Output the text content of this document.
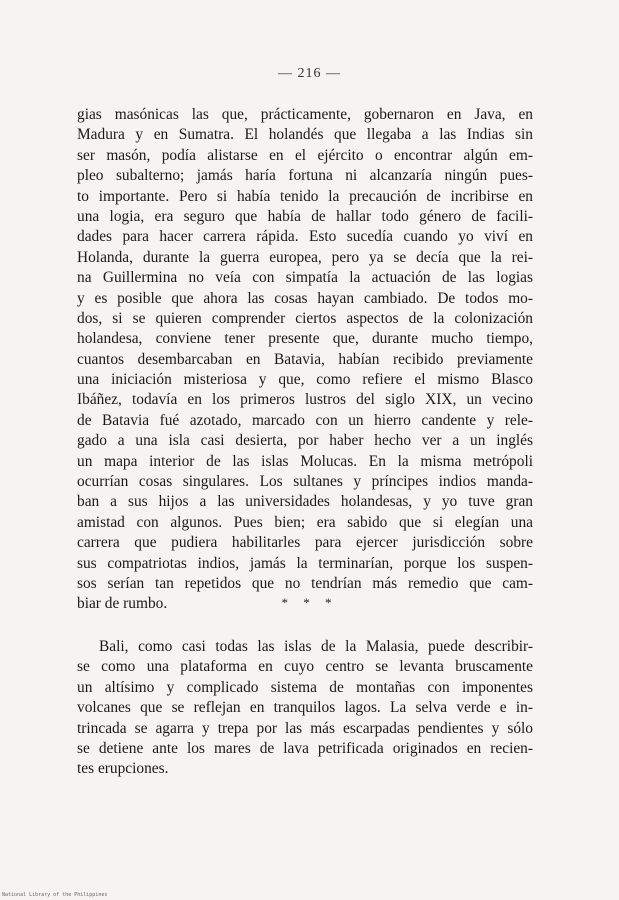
— 216 —
gias masónicas las que, prácticamente, gobernaron en Java, en
Madura y en Sumatra. El holandés que llegaba a las Indias sin
ser masón, podía alistarse en el ejército o encontrar algún em-
pleo subalterno; jamás haría fortuna ni alcanzaría ningún pues-
to importante. Pero si había tenido la precaución de incribirse en
una logia, era seguro que había de hallar todo género de facili-
dades para hacer carrera rápida. Esto sucedía cuando yo viví en
Holanda, durante la guerra europea, pero ya se decía que la rei-
na Guillermina no veía con simpatía la actuación de las logias
y es posible que ahora las cosas hayan cambiado. De todos mo-
dos, si se quieren comprender ciertos aspectos de la colonización
holandesa, conviene tener presente que, durante mucho tiempo,
cuantos desembarcaban en Batavia, habían recibido previamente
una iniciación misteriosa y que, como refiere el mismo Blasco
Ibáñez, todavía en los primeros lustros del siglo XIX, un vecino
de Batavia fué azotado, marcado con un hierro candente y rele-
gado a una isla casi desierta, por haber hecho ver a un inglés
un mapa interior de las islas Molucas. En la misma metrópoli
ocurrían cosas singulares. Los sultanes y príncipes indios manda-
ban a sus hijos a las universidades holandesas, y yo tuve gran
amistad con algunos. Pues bien; era sabido que si elegían una
carrera que pudiera habilitarles para ejercer jurisdicción sobre
sus compatriotas indios, jamás la terminarían, porque los suspen-
sos serían tan repetidos que no tendrían más remedio que cam-
biar de rumbo.	* * *
Bali, como casi todas las islas de la Malasia, puede describir-
se como una plataforma en cuyo centro se levanta bruscamente
un altísimo y complicado sistema de montañas con imponentes
volcanes que se reflejan en tranquilos lagos. La selva verde e in-
trincada se agarra y trepa por las más escarpadas pendientes y sólo
se detiene ante los mares de lava petrificada originados en recien-
tes erupciones.
National Library of the Philippines
